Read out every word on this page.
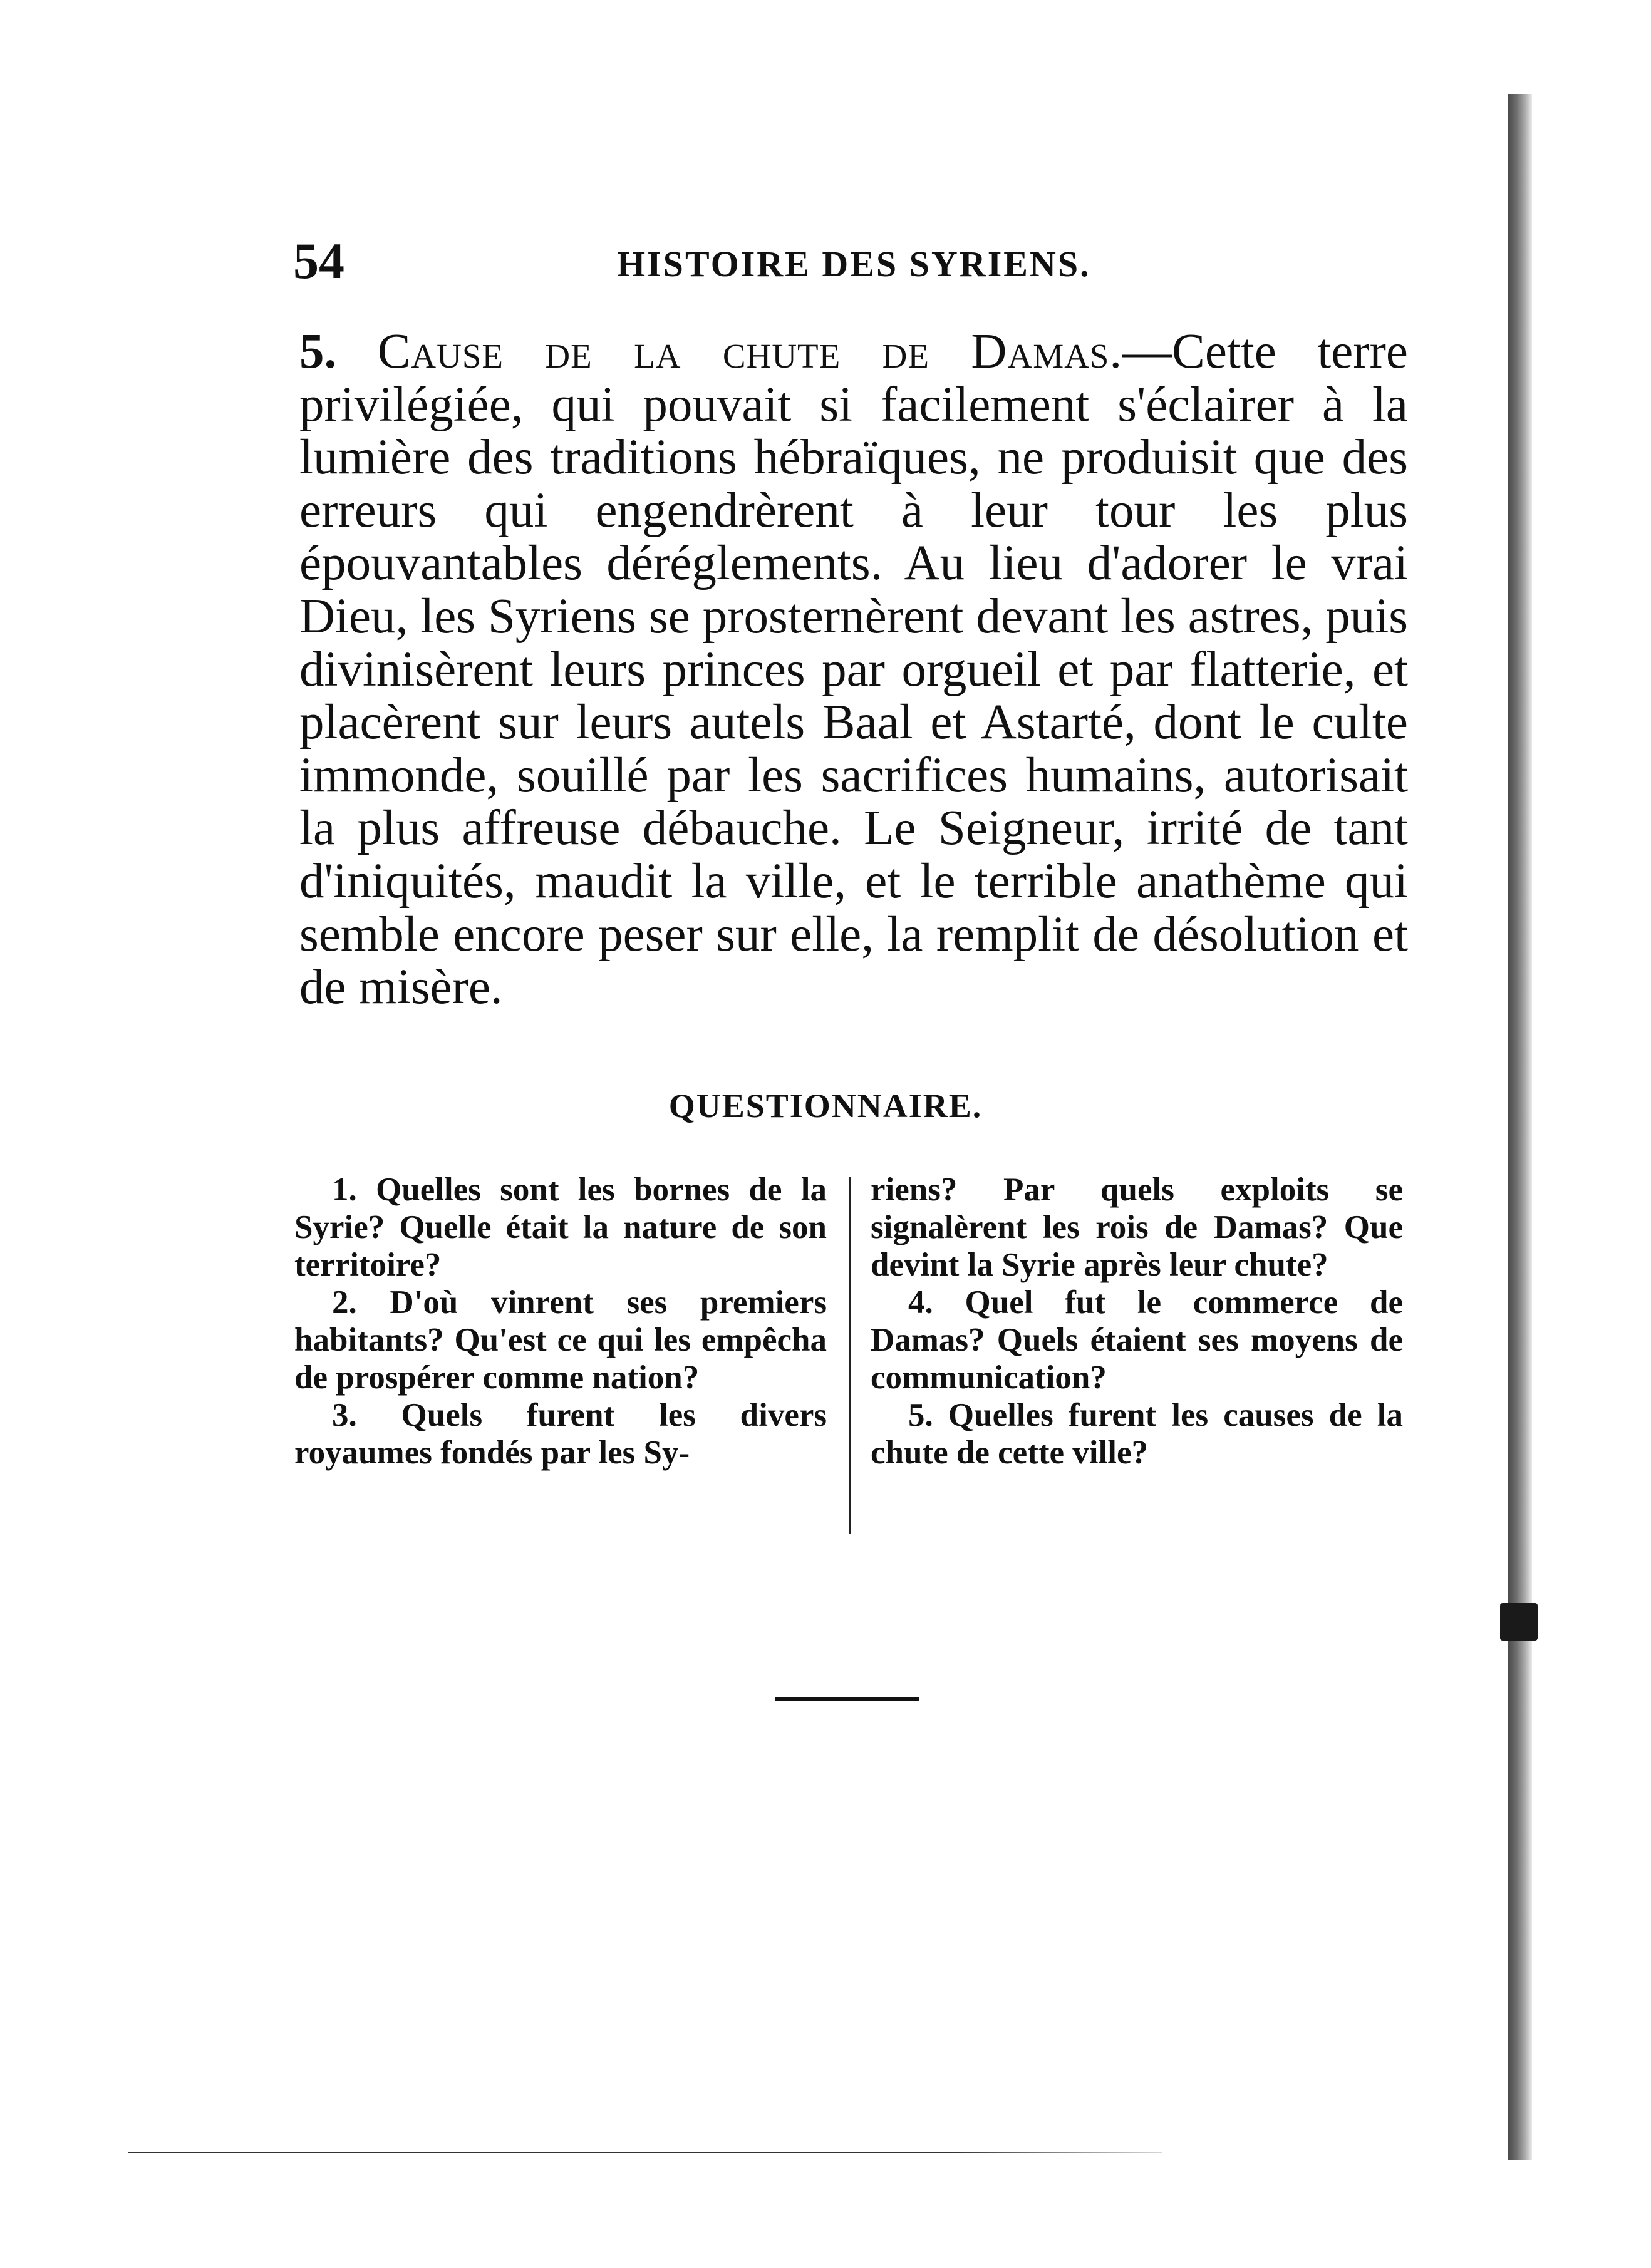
54	HISTOIRE DES SYRIENS.
5. Cause de la chute de Damas.—Cette terre privilégiée, qui pouvait si facilement s'éclairer à la lumière des traditions hébraïques, ne produisit que des erreurs qui engendrèrent à leur tour les plus épouvantables déréglements. Au lieu d'adorer le vrai Dieu, les Syriens se prosternèrent devant les astres, puis divinisèrent leurs princes par orgueil et par flatterie, et placèrent sur leurs autels Baal et Astarté, dont le culte immonde, souillé par les sacrifices humains, autorisait la plus affreuse débauche. Le Seigneur, irrité de tant d'iniquités, maudit la ville, et le terrible anathème qui semble encore peser sur elle, la remplit de désolution et de misère.
QUESTIONNAIRE.

1. Quelles sont les bornes de la Syrie? Quelle était la nature de son territoire?

2. D'où vinrent ses premiers habitants? Qu'est ce qui les empêcha de prospérer comme nation?

3. Quels furent les divers royaumes fondés par les Sy-

riens? Par quels exploits se signalèrent les rois de Damas? Que devint la Syrie après leur chute?

4. Quel fut le commerce de Damas? Quels étaient ses moyens de communication?

5. Quelles furent les causes de la chute de cette ville?
